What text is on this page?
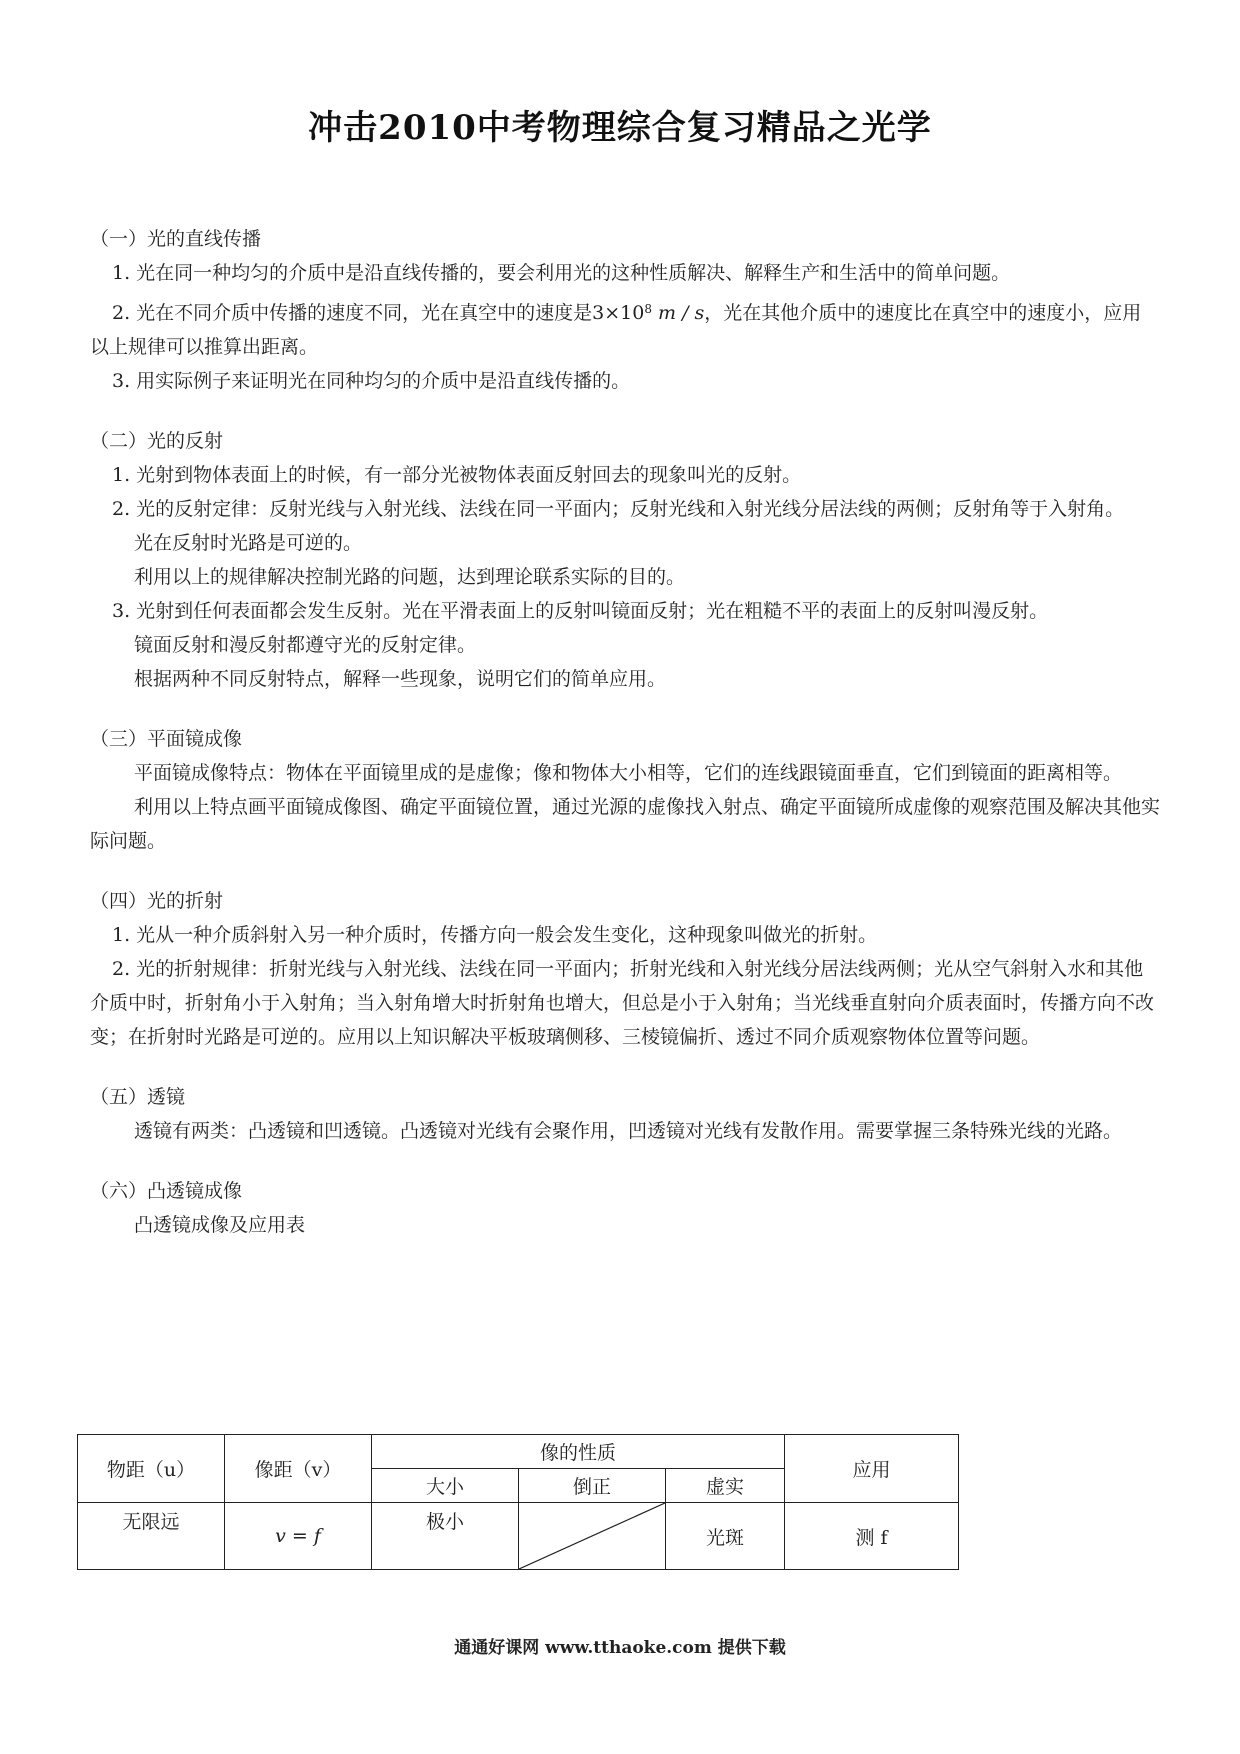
冲击2010中考物理综合复习精品之光学

（一）光的直线传播

1. 光在同一种均匀的介质中是沿直线传播的，要会利用光的这种性质解决、解释生产和生活中的简单问题。

2. 光在不同介质中传播的速度不同，光在真空中的速度是$3\times 10^8$ m / s，光在其他介质中的速度比在真空中的速度小，应用以上规律可以推算出距离。

3. 用实际例子来证明光在同种均匀的介质中是沿直线传播的。

（二）光的反射

1. 光射到物体表面上的时候，有一部分光被物体表面反射回去的现象叫光的反射。

2. 光的反射定律：反射光线与入射光线、法线在同一平面内；反射光线和入射光线分居法线的两侧；反射角等于入射角。

光在反射时光路是可逆的。

利用以上的规律解决控制光路的问题，达到理论联系实际的目的。

3. 光射到任何表面都会发生反射。光在平滑表面上的反射叫镜面反射；光在粗糙不平的表面上的反射叫漫反射。

镜面反射和漫反射都遵守光的反射定律。

根据两种不同反射特点，解释一些现象，说明它们的简单应用。

（三）平面镜成像

平面镜成像特点：物体在平面镜里成的是虚像；像和物体大小相等，它们的连线跟镜面垂直，它们到镜面的距离相等。

利用以上特点画平面镜成像图、确定平面镜位置，通过光源的虚像找入射点、确定平面镜所成虚像的观察范围及解决其他实际问题。

（四）光的折射

1. 光从一种介质斜射入另一种介质时，传播方向一般会发生变化，这种现象叫做光的折射。

2. 光的折射规律：折射光线与入射光线、法线在同一平面内；折射光线和入射光线分居法线两侧；光从空气斜射入水和其他介质中时，折射角小于入射角；当入射角增大时折射角也增大，但总是小于入射角；当光线垂直射向介质表面时，传播方向不改变；在折射时光路是可逆的。应用以上知识解决平板玻璃侧移、三棱镜偏折、透过不同介质观察物体位置等问题。

（五）透镜

透镜有两类：凸透镜和凹透镜。凸透镜对光线有会聚作用，凹透镜对光线有发散作用。需要掌握三条特殊光线的光路。

（六）凸透镜成像

凸透镜成像及应用表

物距（u）	像距（v）	像的性质			应用
		大小	倒正	虚实	
无限远	v = f	极小		光斑	测 f
通通好课网 www.tthaoke.com 提供下载
